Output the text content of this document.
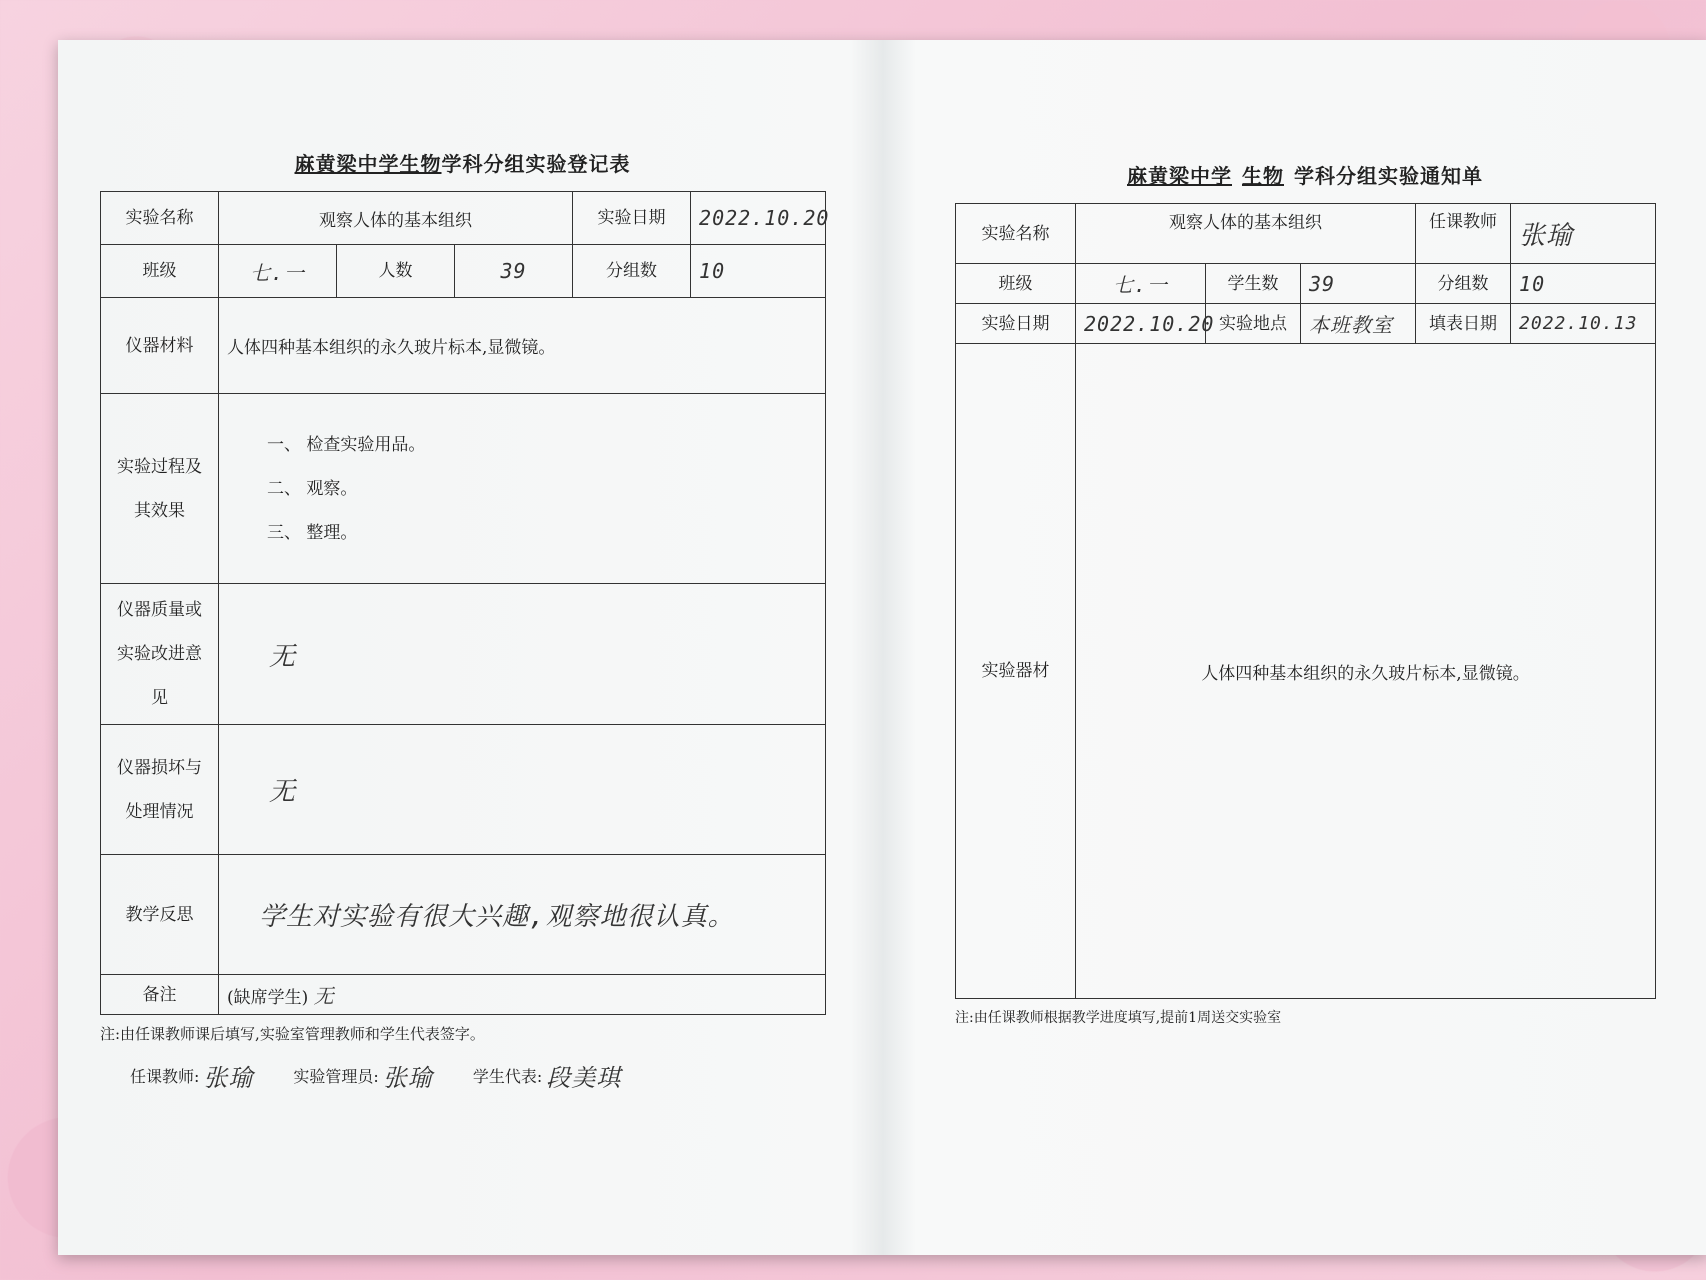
麻黄梁中学生物学科分组实验登记表
实验名称	观察人体的基本组织			实验日期	2022.10.20
班级	七.一	人数	39	分组数	10
仪器材料	人体四种基本组织的永久玻片标本,显微镜。				
实验过程及其效果	一、 检查实验用品。
二、 观察。
三、 整理。				

仪器质量或实验改进意见	无				
仪器损坏与处理情况	无				
教学反思	学生对实验有很大兴趣,观察地很认真。				
备注	(缺席学生) 无				
注:由任课教师课后填写,实验室管理教师和学生代表签字。
任课教师: 张瑜	实验管理员: 张瑜	学生代表: 段美琪
麻黄梁中学 生物 学科分组实验通知单
实验名称	观察人体的基本组织			任课教师	张瑜
班级	七.一	学生数	39	分组数	10
实验日期	2022.10.20	实验地点	本班教室	填表日期	2022.10.13
实验器材	人体四种基本组织的永久玻片标本,显微镜。				
注:由任课教师根据教学进度填写,提前1周送交实验室
